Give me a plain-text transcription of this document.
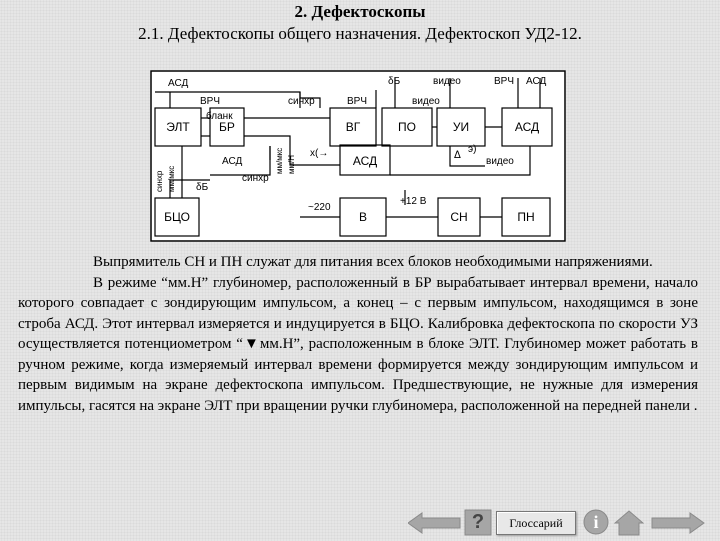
2. Дефектоскопы
2.1. Дефектоскопы общего назначения. Дефектоскоп УД2-12.
ЭЛТ БР	ВГ	ПО	УИ	АСД
АСД
БЦО	В	СН	ПН
АСД
ВРЧ
бланк
синхр	ВРЧ
δБ	видео
видео
ВРЧ АСД
х(→	ᐃ
э)
видео
АСД
синхр
δБ
~220
+12 В
синхр мм/мкс
мм/мкс мм/Н

Выпрямитель СН и ПН служат для питания всех блоков необходимыми напряжениями.

В режиме “мм.Н” глубиномер, расположенный в БР вырабатывает интервал времени, начало которого совпадает с зондирующим импульсом, а конец – с первым импульсом, находящимся в зоне строба АСД. Этот интервал измеряется и индуцируется в БЦО. Калибровка дефектоскопа по скорости УЗ осуществляется потенциометром “▼мм.Н”, расположенным в блоке ЭЛТ. Глубиномер может работать в ручном режиме, когда измеряемый интервал времени формируется между зондирующим импульсом и первым видимым на экране дефектоскопа импульсом. Предшествующие, не нужные для измерения импульсы, гасятся на экране ЭЛТ при вращении ручки глубиномера, расположенной на передней панели .

?	Глоссарий	i
